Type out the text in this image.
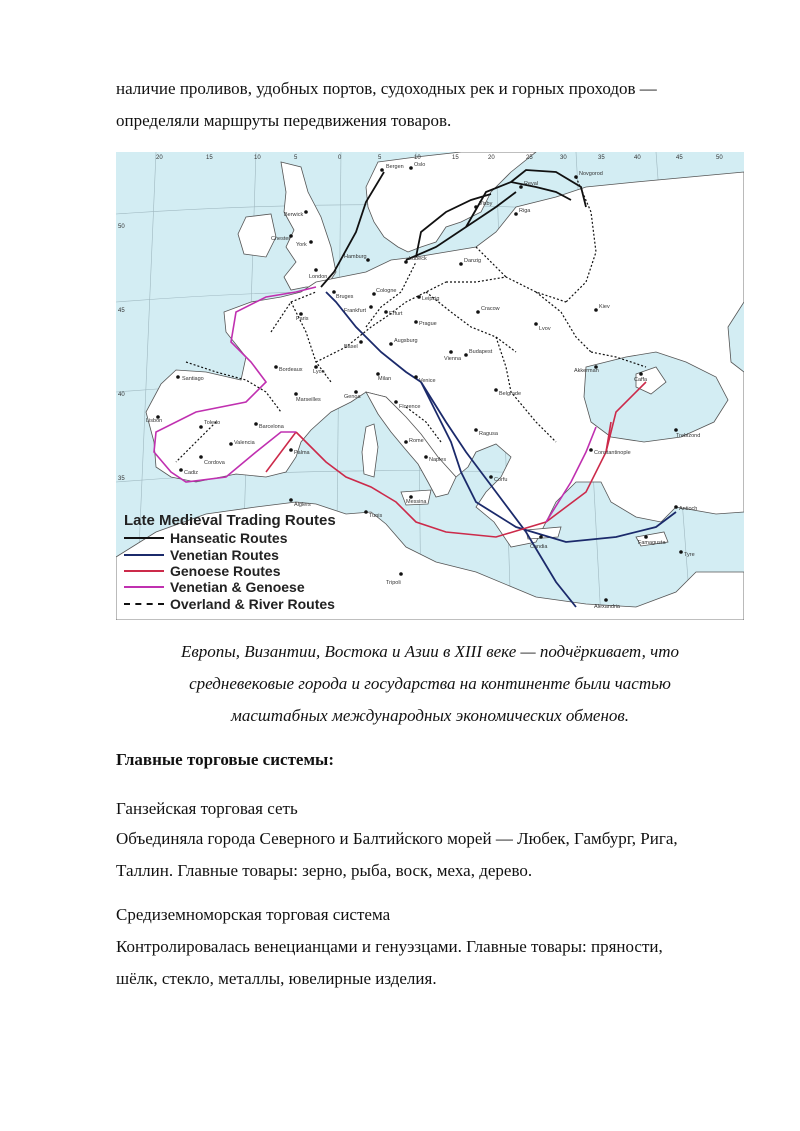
наличие проливов, удобных портов, судоходных рек и горных проходов —

определяли маршруты передвижения товаров.

Bergen Oslo
Novgorod
Reval
Visby
Riga
Berwick
Chester
York
Hamburg	Lubeck	Danzig
London
Bruges
Cologne
Leipzig
Frankfurt	Erfurt
Prague
Cracow	Kiev
Lvov
Paris
Basel
Augsburg
Vienna
Budapest
Bordeaux Lyon
Milan	Venice
Akkerman
Caffa
Santiago
Marseilles	Genoa
Florence
Belgrade
Lisbon	Toledo
Barcelona
Ragusa	Trebizond
Valencia	Rome
Constantinople
Cadiz
Cordova
Palma
Naples
Corfu
Messina
Antioch
Famagusta
Tunis
Algiers
Candia
Tyre
Tripoli
Alexandria
20	15	10	5	0	5	10	15	20	25	30	35	40	45	50
50
45
40
35
Late Medieval Trading Routes
Hanseatic Routes
Venetian Routes
Genoese Routes
Venetian & Genoese
Overland & River Routes
Европы, Византии, Востока и Азии в XIII веке — подчёркивает, что
средневековые города и государства на континенте были частью
масштабных международных экономических обменов.
Главные торговые системы:

Ганзейская торговая сеть

Объединяла города Северного и Балтийского морей — Любек, Гамбург, Рига,

Таллин. Главные товары: зерно, рыба, воск, меха, дерево.

Средиземноморская торговая система

Контролировалась венецианцами и генуэзцами. Главные товары: пряности,

шёлк, стекло, металлы, ювелирные изделия.
